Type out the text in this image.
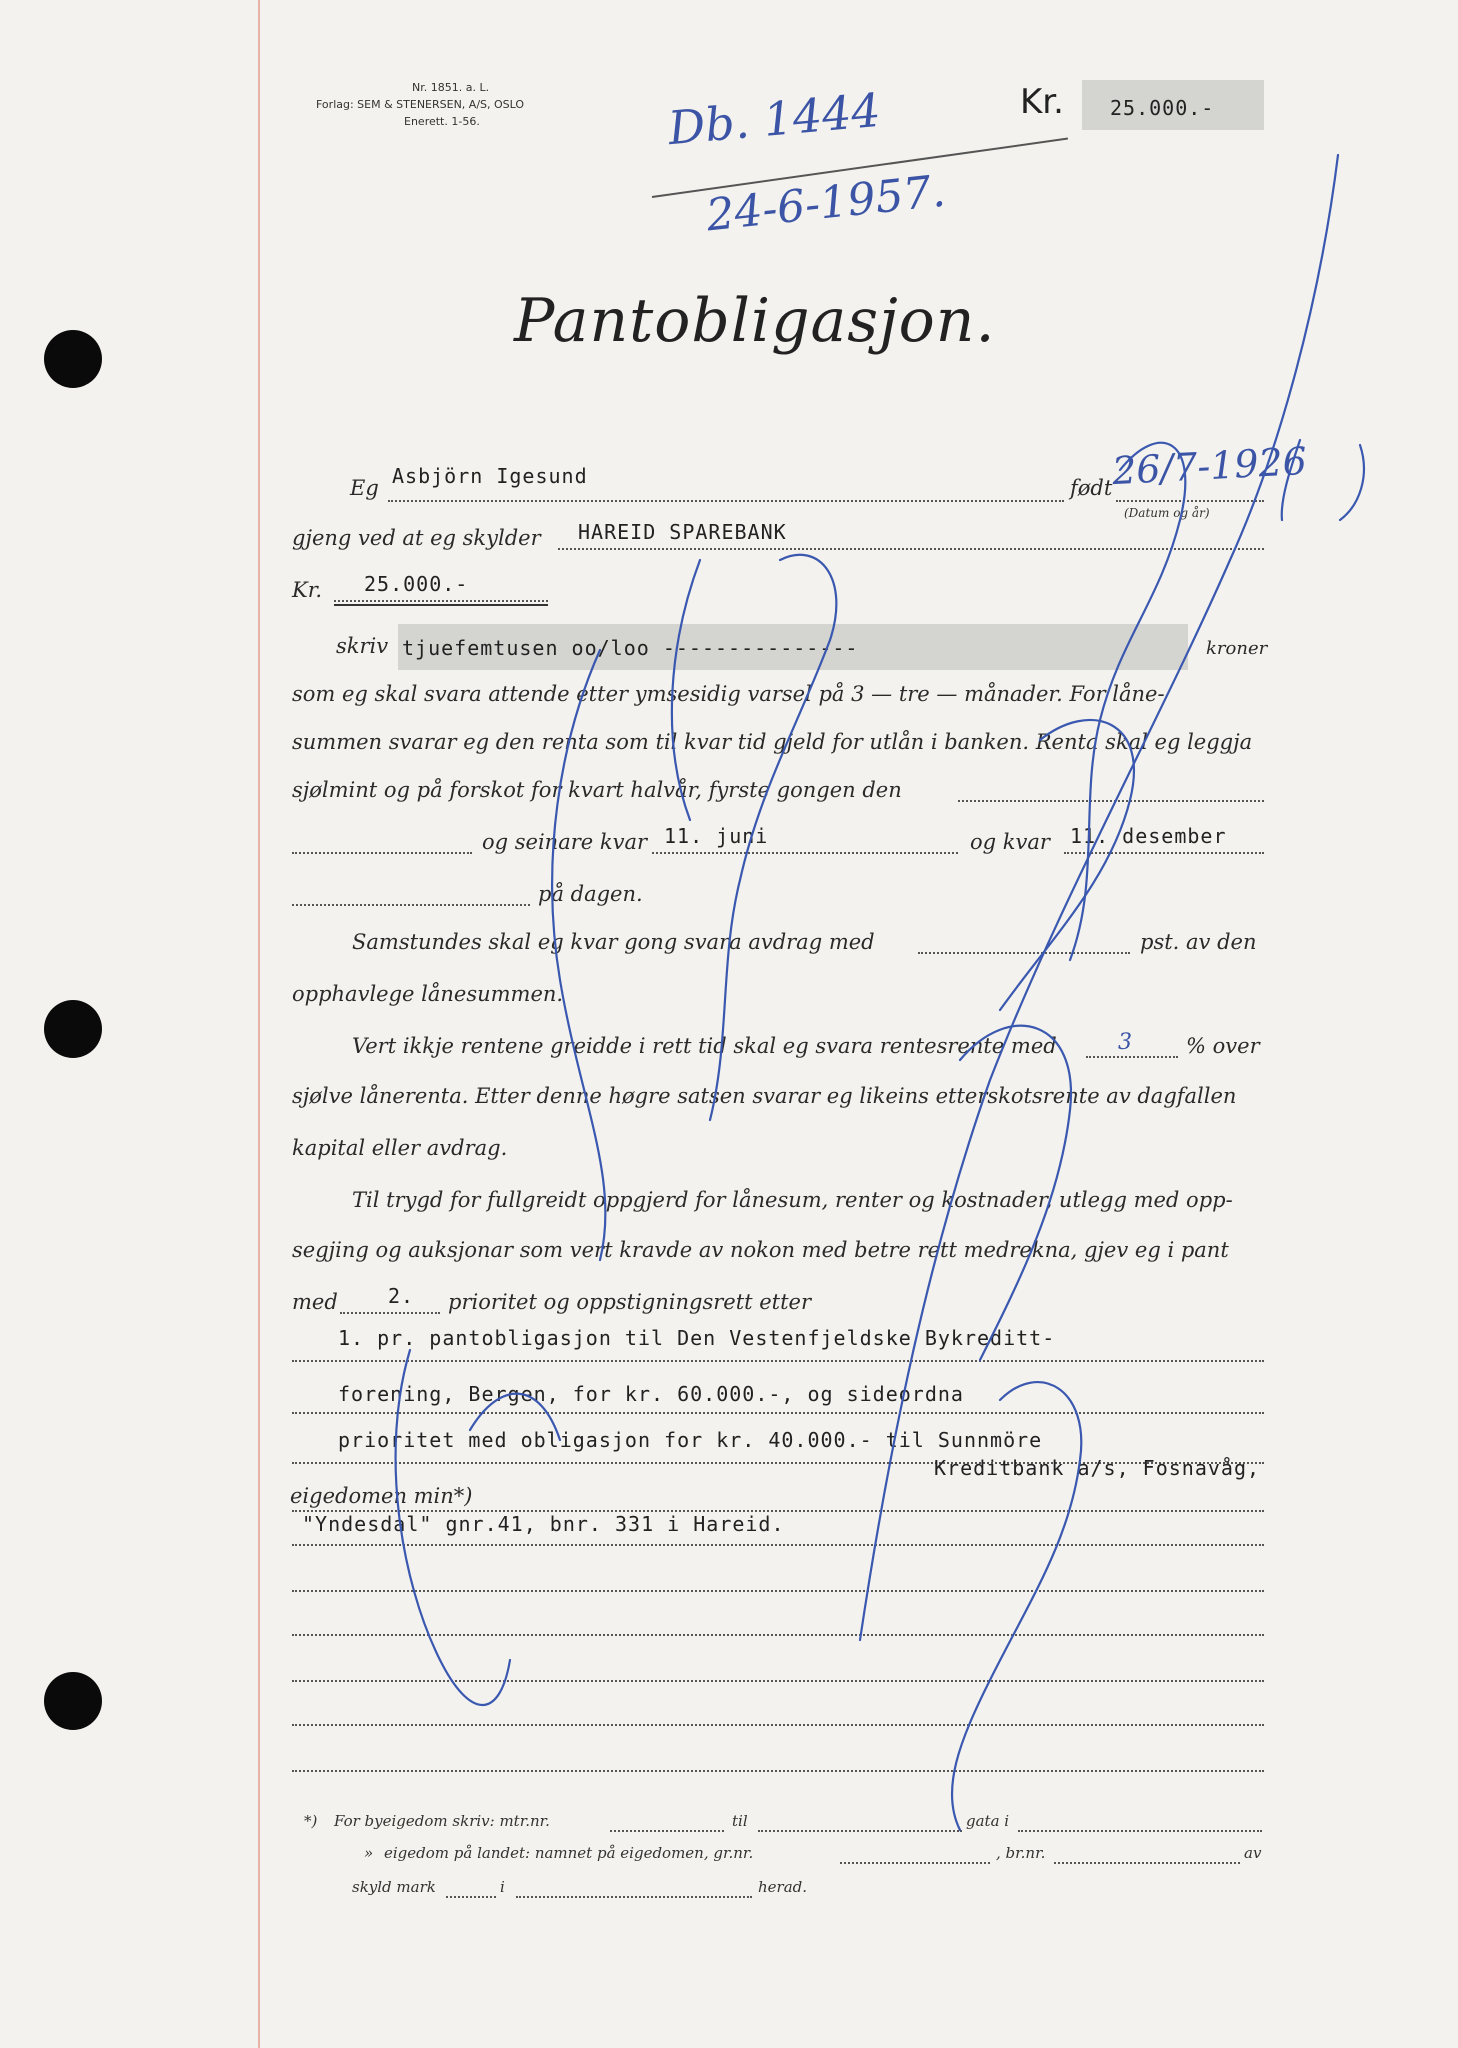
Nr. 1851. a. L.
Forlag: SEM & STENERSEN, A/S, OSLO
Enerett. 1-56.	Db. 1444
24-6-1957.
Kr. 25.000.-
Pantobligasjon.
Eg Asbjörn Igesund	født
26/7-1926
(Datum og år)
gjeng ved at eg skylder HAREID SPAREBANK
Kr. 25.000.-
skriv tjuefemtusen oo/loo ---------------	kroner
som eg skal svara attende etter ymsesidig varsel på 3 — tre — månader. For låne-
summen svarar eg den renta som til kvar tid gjeld for utlån i banken. Renta skal eg leggja
sjølmint og på forskot for kvart halvår, fyrste gongen den
og seinare kvar 11. juni	og kvar 11. desember
på dagen.
Samstundes skal eg kvar gong svara avdrag med	pst. av den
opphavlege lånesummen.
Vert ikkje rentene greidde i rett tid skal eg svara rentesrente med	3	% over
sjølve lånerenta. Etter denne høgre satsen svarar eg likeins etterskotsrente av dagfallen
kapital eller avdrag.
Til trygd for fullgreidt oppgjerd for lånesum, renter og kostnader, utlegg med opp-
segjing og auksjonar som vert kravde av nokon med betre rett medrekna, gjev eg i pant
med	2. prioritet og oppstigningsrett etter
1. pr. pantobligasjon til Den Vestenfjeldske Bykreditt-
forening, Bergen, for kr. 60.000.-, og sideordna
prioritet med obligasjon for kr. 40.000.- til Sunnmöre
Kreditbank a/s, Fosnavåg,
eigedomen min*)
"Yndesdal" gnr.41, bnr. 331 i Hareid.
*) For byeigedom skriv: mtr.nr.	til	gata i
» eigedom på landet: namnet på eigedomen, gr.nr.	, br.nr.	av
skyld mark	i	herad.
